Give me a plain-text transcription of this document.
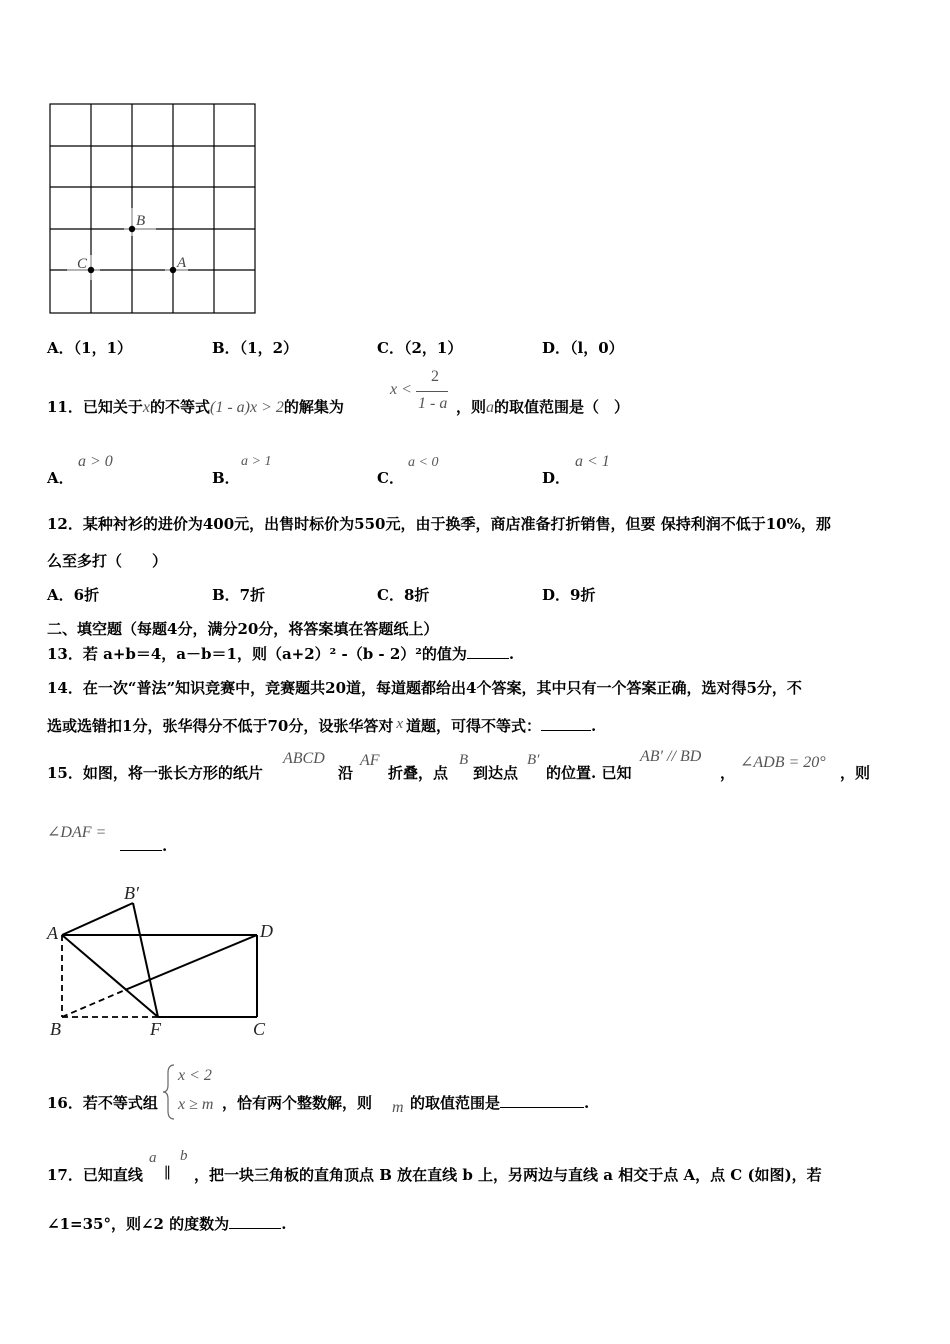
B
C	A
A．（1，1）	B．（1，2）	C．（2，1）	D．（l，0）
11．已知关于x的不等式(1 - a)x > 2的解集为
x <
2
1 - a ，则a的取值范围是（　）
A．
a > 0
B．
a > 1
C．
a < 0
D．
a < 1
12．某种衬衫的进价为400元，出售时标价为550元，由于换季，商店准备打折销售，但要 保持利润不低于10%，那
么至多打（　　）
A．6折	B．7折	C．8折	D．9折
二、填空题（每题4分，满分20分，将答案填在答题纸上）
13．若 a+b＝4，a－b＝1，则（a+2）² -（b - 2）²的值为	.
14．在一次“普法”知识竞赛中，竞赛题共20道，每道题都给出4个答案，其中只有一个答案正确，选对得5分，不
选或选错扣1分，张华得分不低于70分，设张华答对 x 道题，可得不等式：	.
15．如图，将一张长方形的纸片
ABCD
沿
AF
折叠，点
B
到达点
B′
的位置. 已知
AB′ // BD
，
∠ADB = 20°
，则
∠DAF =
.
B′
A	D
B	F	C
16．若不等式组
x < 2
x ≥ m ，恰有两个整数解，则 m 的取值范围是	.
17．已知直线
a
∥
b
，把一块三角板的直角顶点 B 放在直线 b 上，另两边与直线 a 相交于点 A，点 C (如图)，若
∠1=35°，则∠2 的度数为	.
